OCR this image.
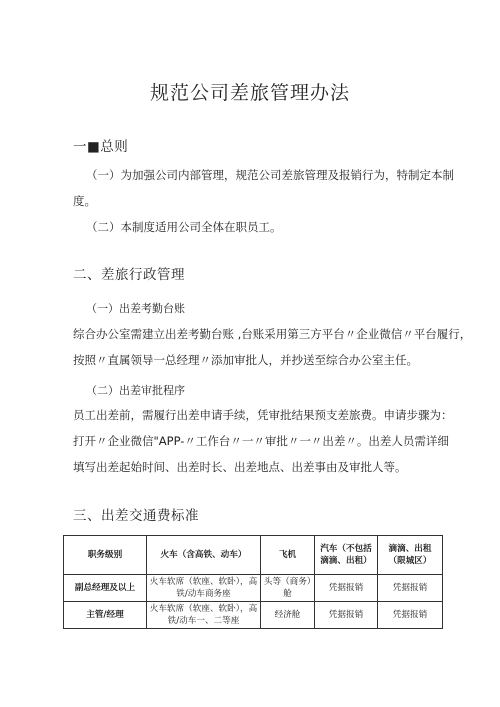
规范公司差旅管理办法
一■总则

（一）为加强公司内部管理，规范公司差旅管理及报销行为，特制定本制

度。

（二）本制度适用公司全体在职员工。

二、差旅行政管理

（一）出差考勤台账

综合办公室需建立出差考勤台账 ,台账采用第三方平台〃企业微信〃平台履行，

按照〃直属领导一总经理〃添加审批人，并抄送至综合办公室主任。

（二）出差审批程序

员工出差前，需履行出差申请手续，凭审批结果预支差旅费。申请步骤为：

打开〃企业微信"APP-〃工作台〃一〃审批〃一〃出差〃。出差人员需详细

填写出差起始时间、出差时长、出差地点、出差事由及审批人等。

三、出差交通费标准
职务级别	火车（含高铁、动车）	飞机	汽车（不包括滴滴、出租）	滴滴、出租（限城区）
副总经理及以上	火车软席（软座、软卧），高铁/动车商务座	头等（商务）舱	凭据报销	凭据报销
主管/经理	火车软席（软座、软卧），高铁/动车一、二等座	经济舱	凭据报销	凭据报销
